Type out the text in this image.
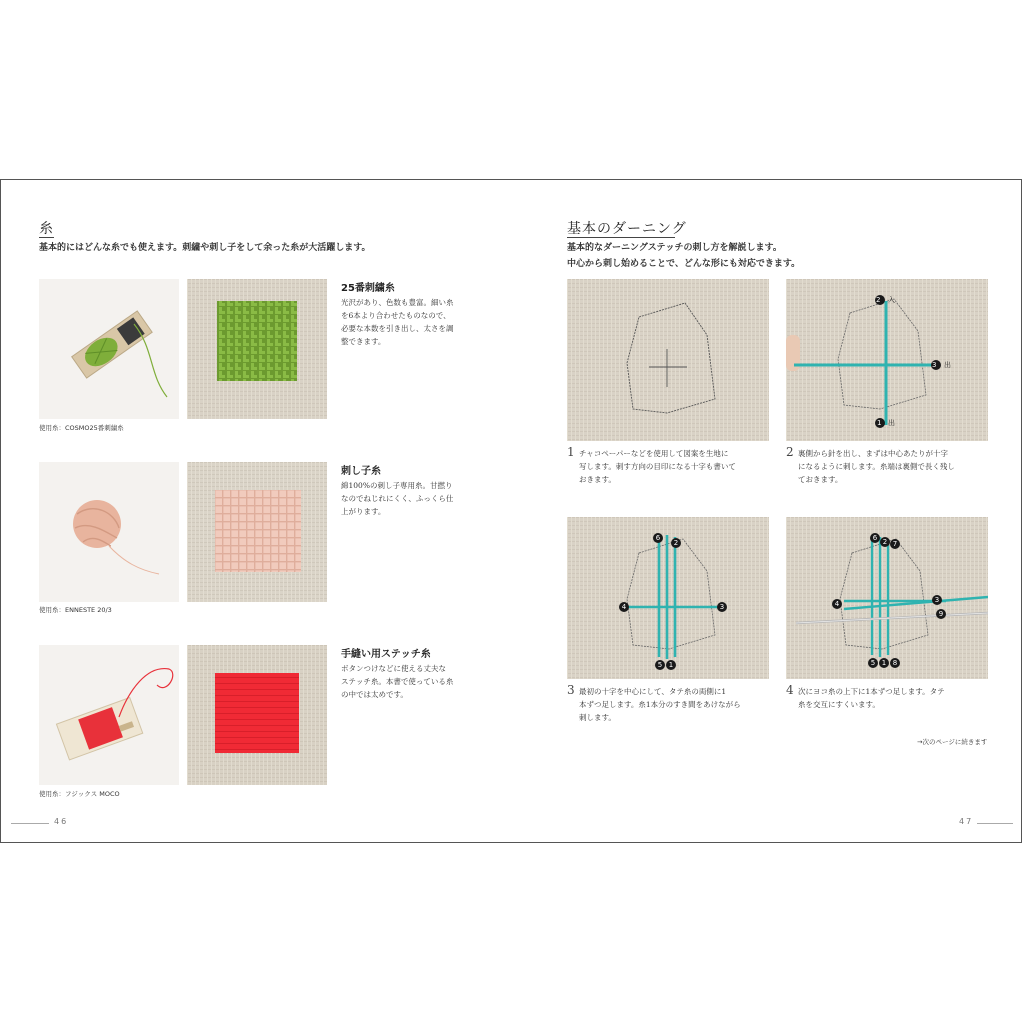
糸
基本的にはどんな糸でも使えます。刺繍や刺し子をして余った糸が大活躍します。
25番刺繍糸
光沢があり、色数も豊富。細い糸
を6本より合わせたものなので、
必要な本数を引き出し、太さを調
整できます。
使用糸：COSMO25番刺繍糸
刺し子糸
綿100%の刺し子専用糸。甘撚り
なのでねじれにくく、ふっくら仕
上がります。
使用糸：ENNESTE 20/3
手縫い用ステッチ糸
ボタンつけなどに使える丈夫な
ステッチ糸。本書で使っている糸
の中では太めです。
使用糸：フジックス MOCO
46
基本のダーニング
基本的なダーニングステッチの刺し方を解説します。
中心から刺し始めることで、どんな形にも対応できます。
1 チャコペーパーなどを使用して図案を生地に
写します。刺す方向の目印になる十字も書いて
おきます。
2 入
3 出
1 出
2 裏側から針を出し、まずは中心あたりが十字
になるように刺します。糸端は裏側で長く残し
ておきます。
6
2
4	3
5 1
3 最初の十字を中心にして、タテ糸の両側に1
本ずつ足します。糸1本分のすき間をあけながら
刺します。
6 2 7
4	3
9
5 1 8
4 次にヨコ糸の上下に1本ずつ足します。タテ
糸を交互にすくいます。
→次のページに続きます
47
